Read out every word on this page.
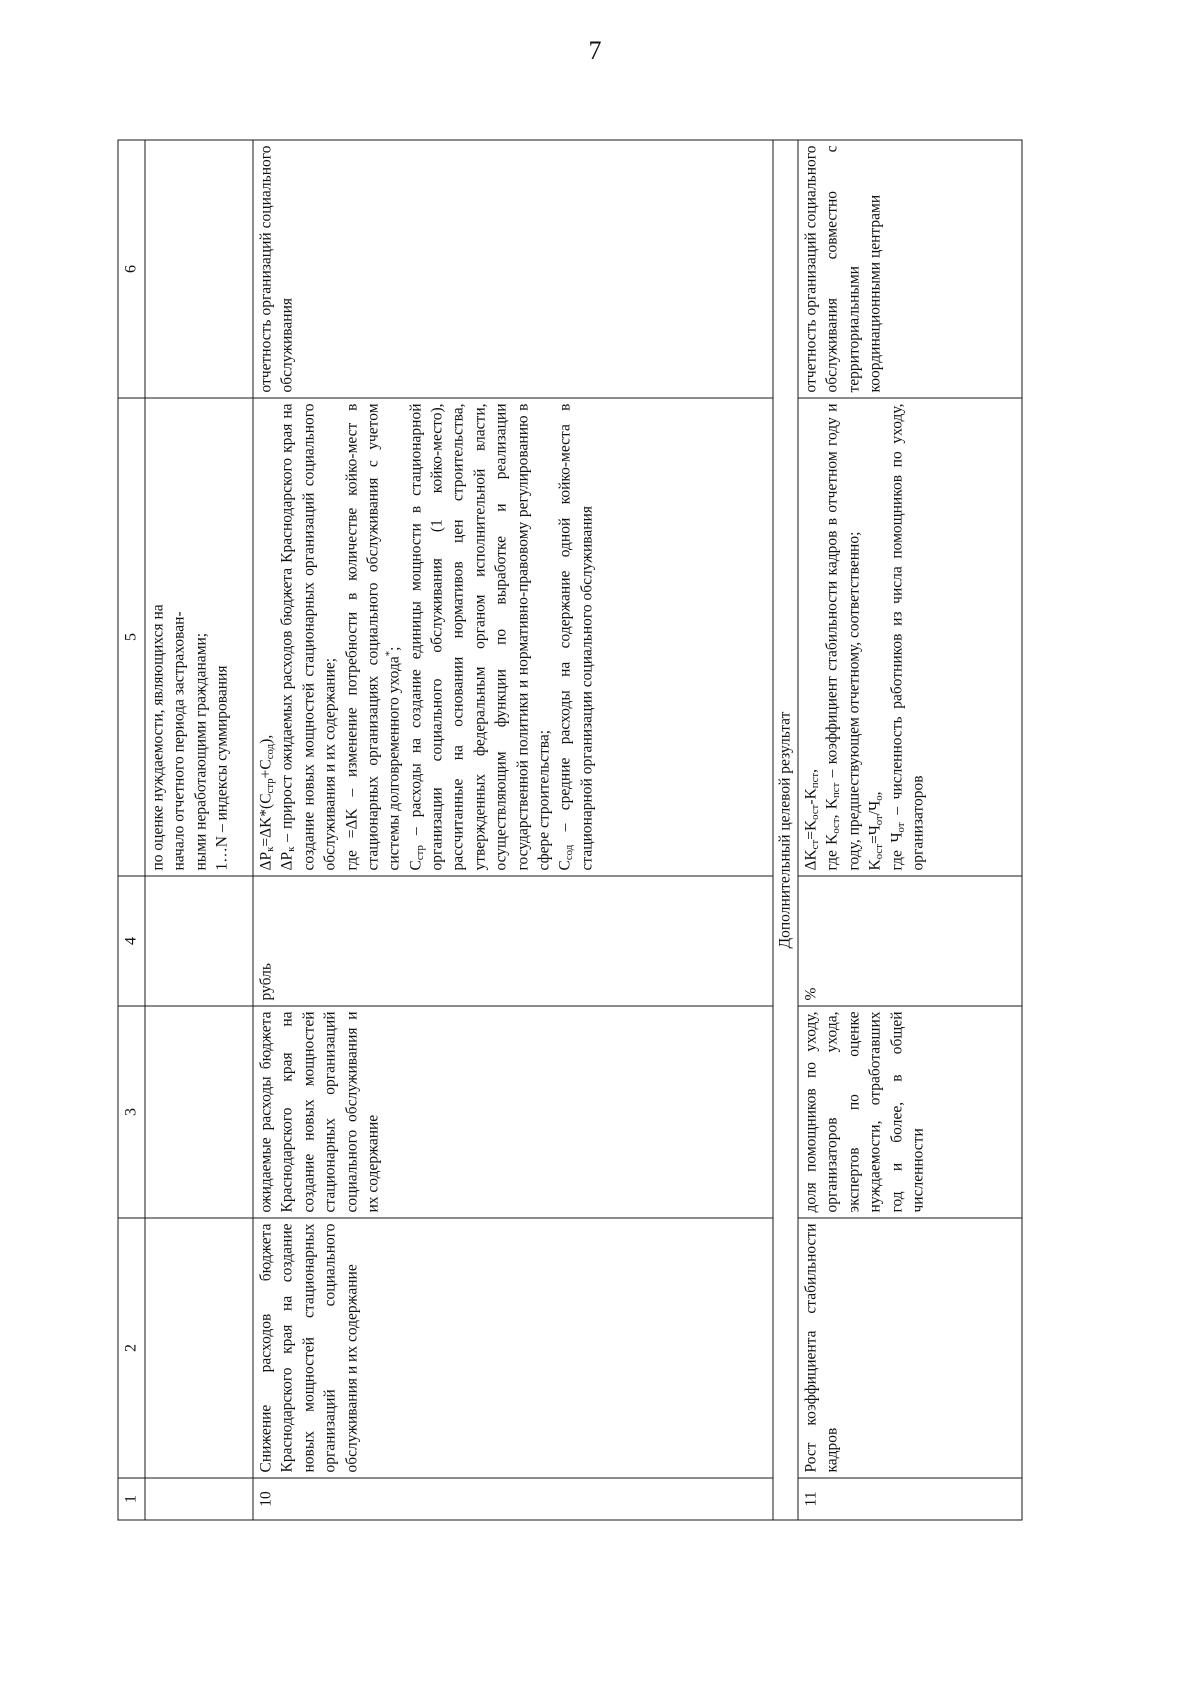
7
1	2	3	4	5	6

				по оценке нуждаемости, являющихся на начало отчетного периода застрахован- ными неработающими гражданами; 1…N – индексы суммирования	

10	Снижение расходов бюджета Краснодарского края на создание новых мощностей стационарных организаций социального обслуживания и их содержание	ожидаемые расходы бюджета Краснодарского края на создание новых мощностей стационарных организаций социального обслуживания и их содержание	рубль	$\Delta P_к=\Delta K*(C_{стр}+C_{сод})$,

$\Delta P_к$ – прирост ожидаемых расходов бюджета Краснодарского края на создание новых мощностей стационарных организаций социального обслуживания и их содержание; где =ΔK – изменение потребности в количестве койко-мест в стационарных организациях социального обслуживания с учетом системы долговременного ухода*;

$C_{стр}$ – расходы на создание единицы мощности в стационарной организации социального обслуживания (1 койко-место), рассчитанные на основании нормативов цен строительства, утвержденных федеральным органом исполнительной власти, осуществляющим функции по выработке и реализации государственной политики и нормативно-правовому регулированию в сфере строительства; $C_{сод}$ – средние расходы на содержание одной койко-места в стационарной организации социального обслуживания	отчетность организаций социального обслуживания
Дополнительный целевой результат					
11	Рост коэффициента стабильности кадров	доля помощников по уходу, организаторов ухода, экспертов по оценке нуждаемости, отработавших год и более, в общей численности	%	$\Delta K_{ст}=K_{ост}-K_{пст}$,

где $K_{ост}$, $K_{пст}$ – коэффициент стабильности кадров в отчетном году и году, предшествующем отчетному, соответственно; $K_{ост}=Ч_{от}/Ч_о$,

где $Ч_{от}$ – численность работников из числа помощников по уходу, организаторов	отчетность организаций социального обслуживания совместно с территориальными координационными центрами
